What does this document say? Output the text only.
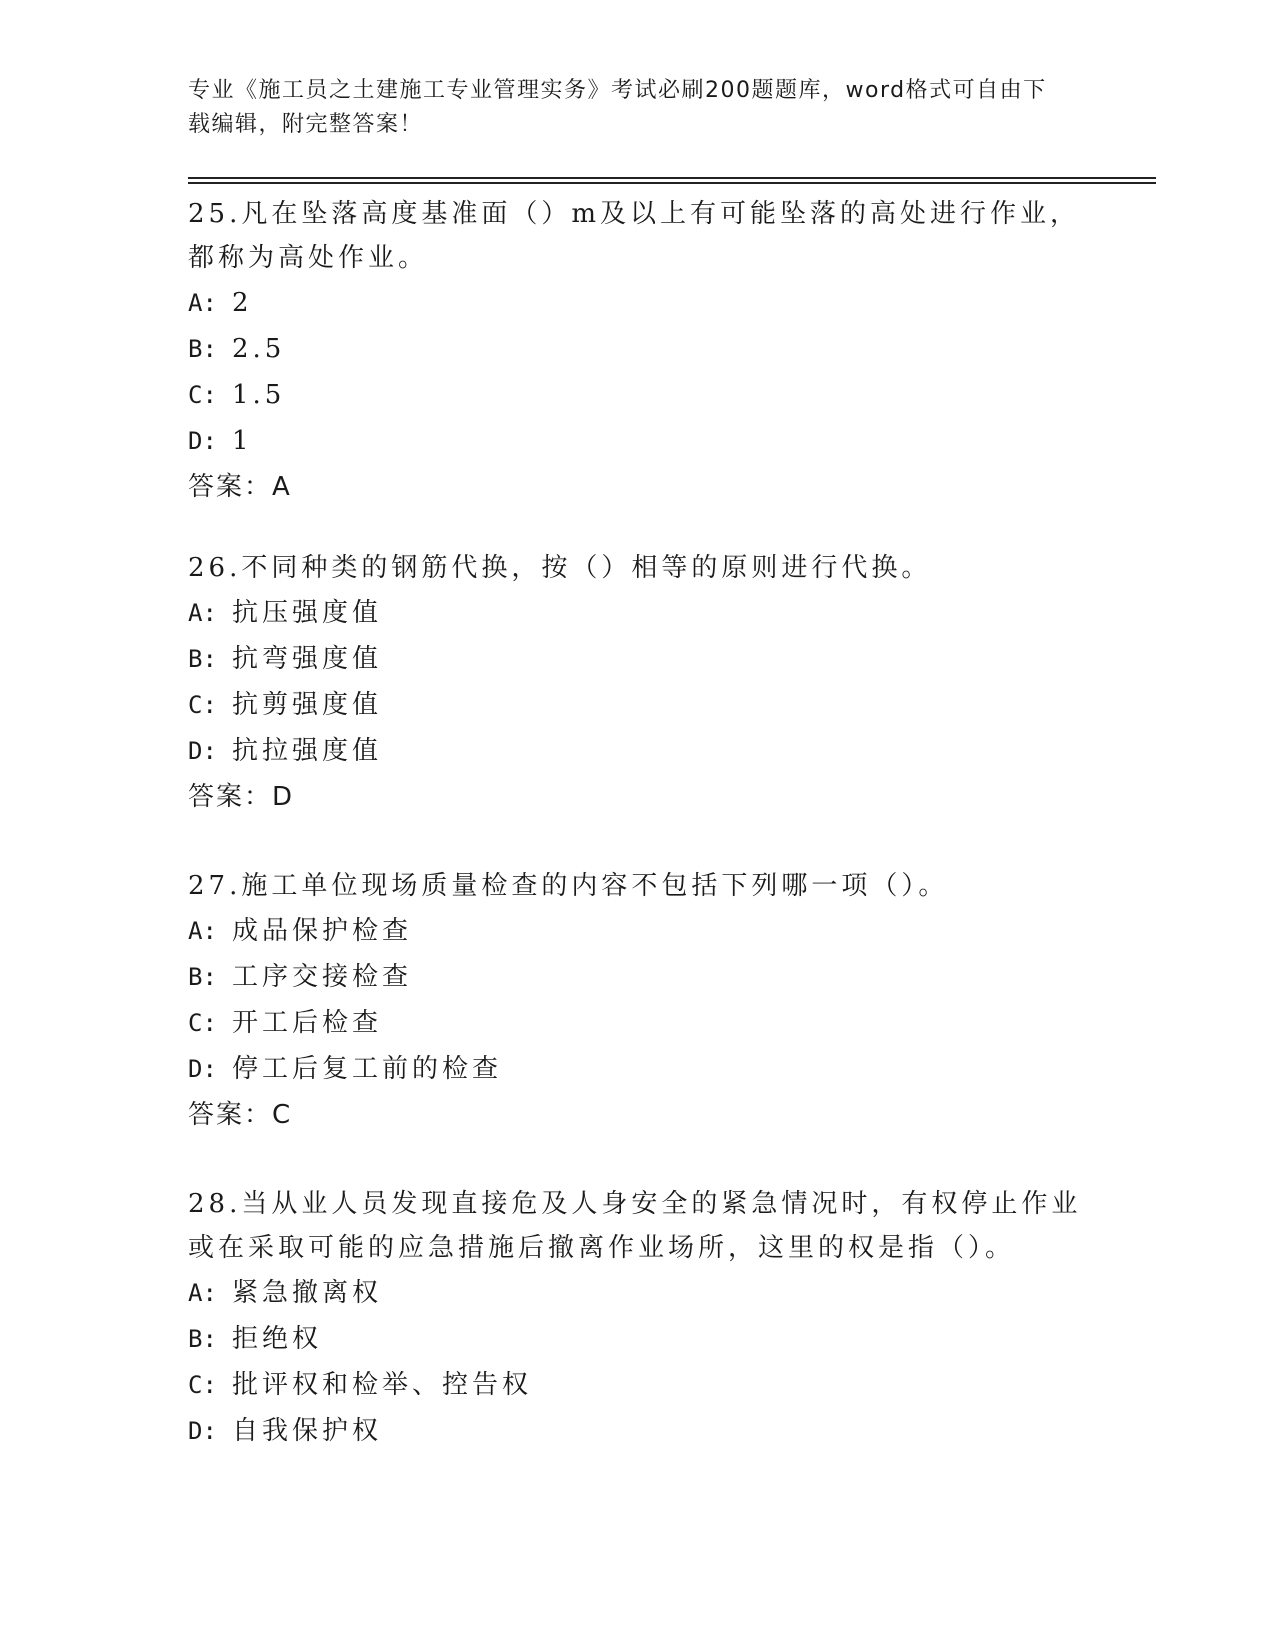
专业《施工员之土建施工专业管理实务》考试必刷200题题库，word格式可自由下载编辑，附完整答案！

25.凡在坠落高度基准面（）m及以上有可能坠落的高处进行作业，都称为高处作业。

A: 2

B: 2.5

C: 1.5

D: 1

答案：A

26.不同种类的钢筋代换，按（）相等的原则进行代换。

A: 抗压强度值

B: 抗弯强度值

C: 抗剪强度值

D: 抗拉强度值

答案：D

27.施工单位现场质量检查的内容不包括下列哪一项（）。

A: 成品保护检查

B: 工序交接检查

C: 开工后检查

D: 停工后复工前的检查

答案：C

28.当从业人员发现直接危及人身安全的紧急情况时，有权停止作业或在采取可能的应急措施后撤离作业场所，这里的权是指（）。

A: 紧急撤离权

B: 拒绝权

C: 批评权和检举、控告权

D: 自我保护权
